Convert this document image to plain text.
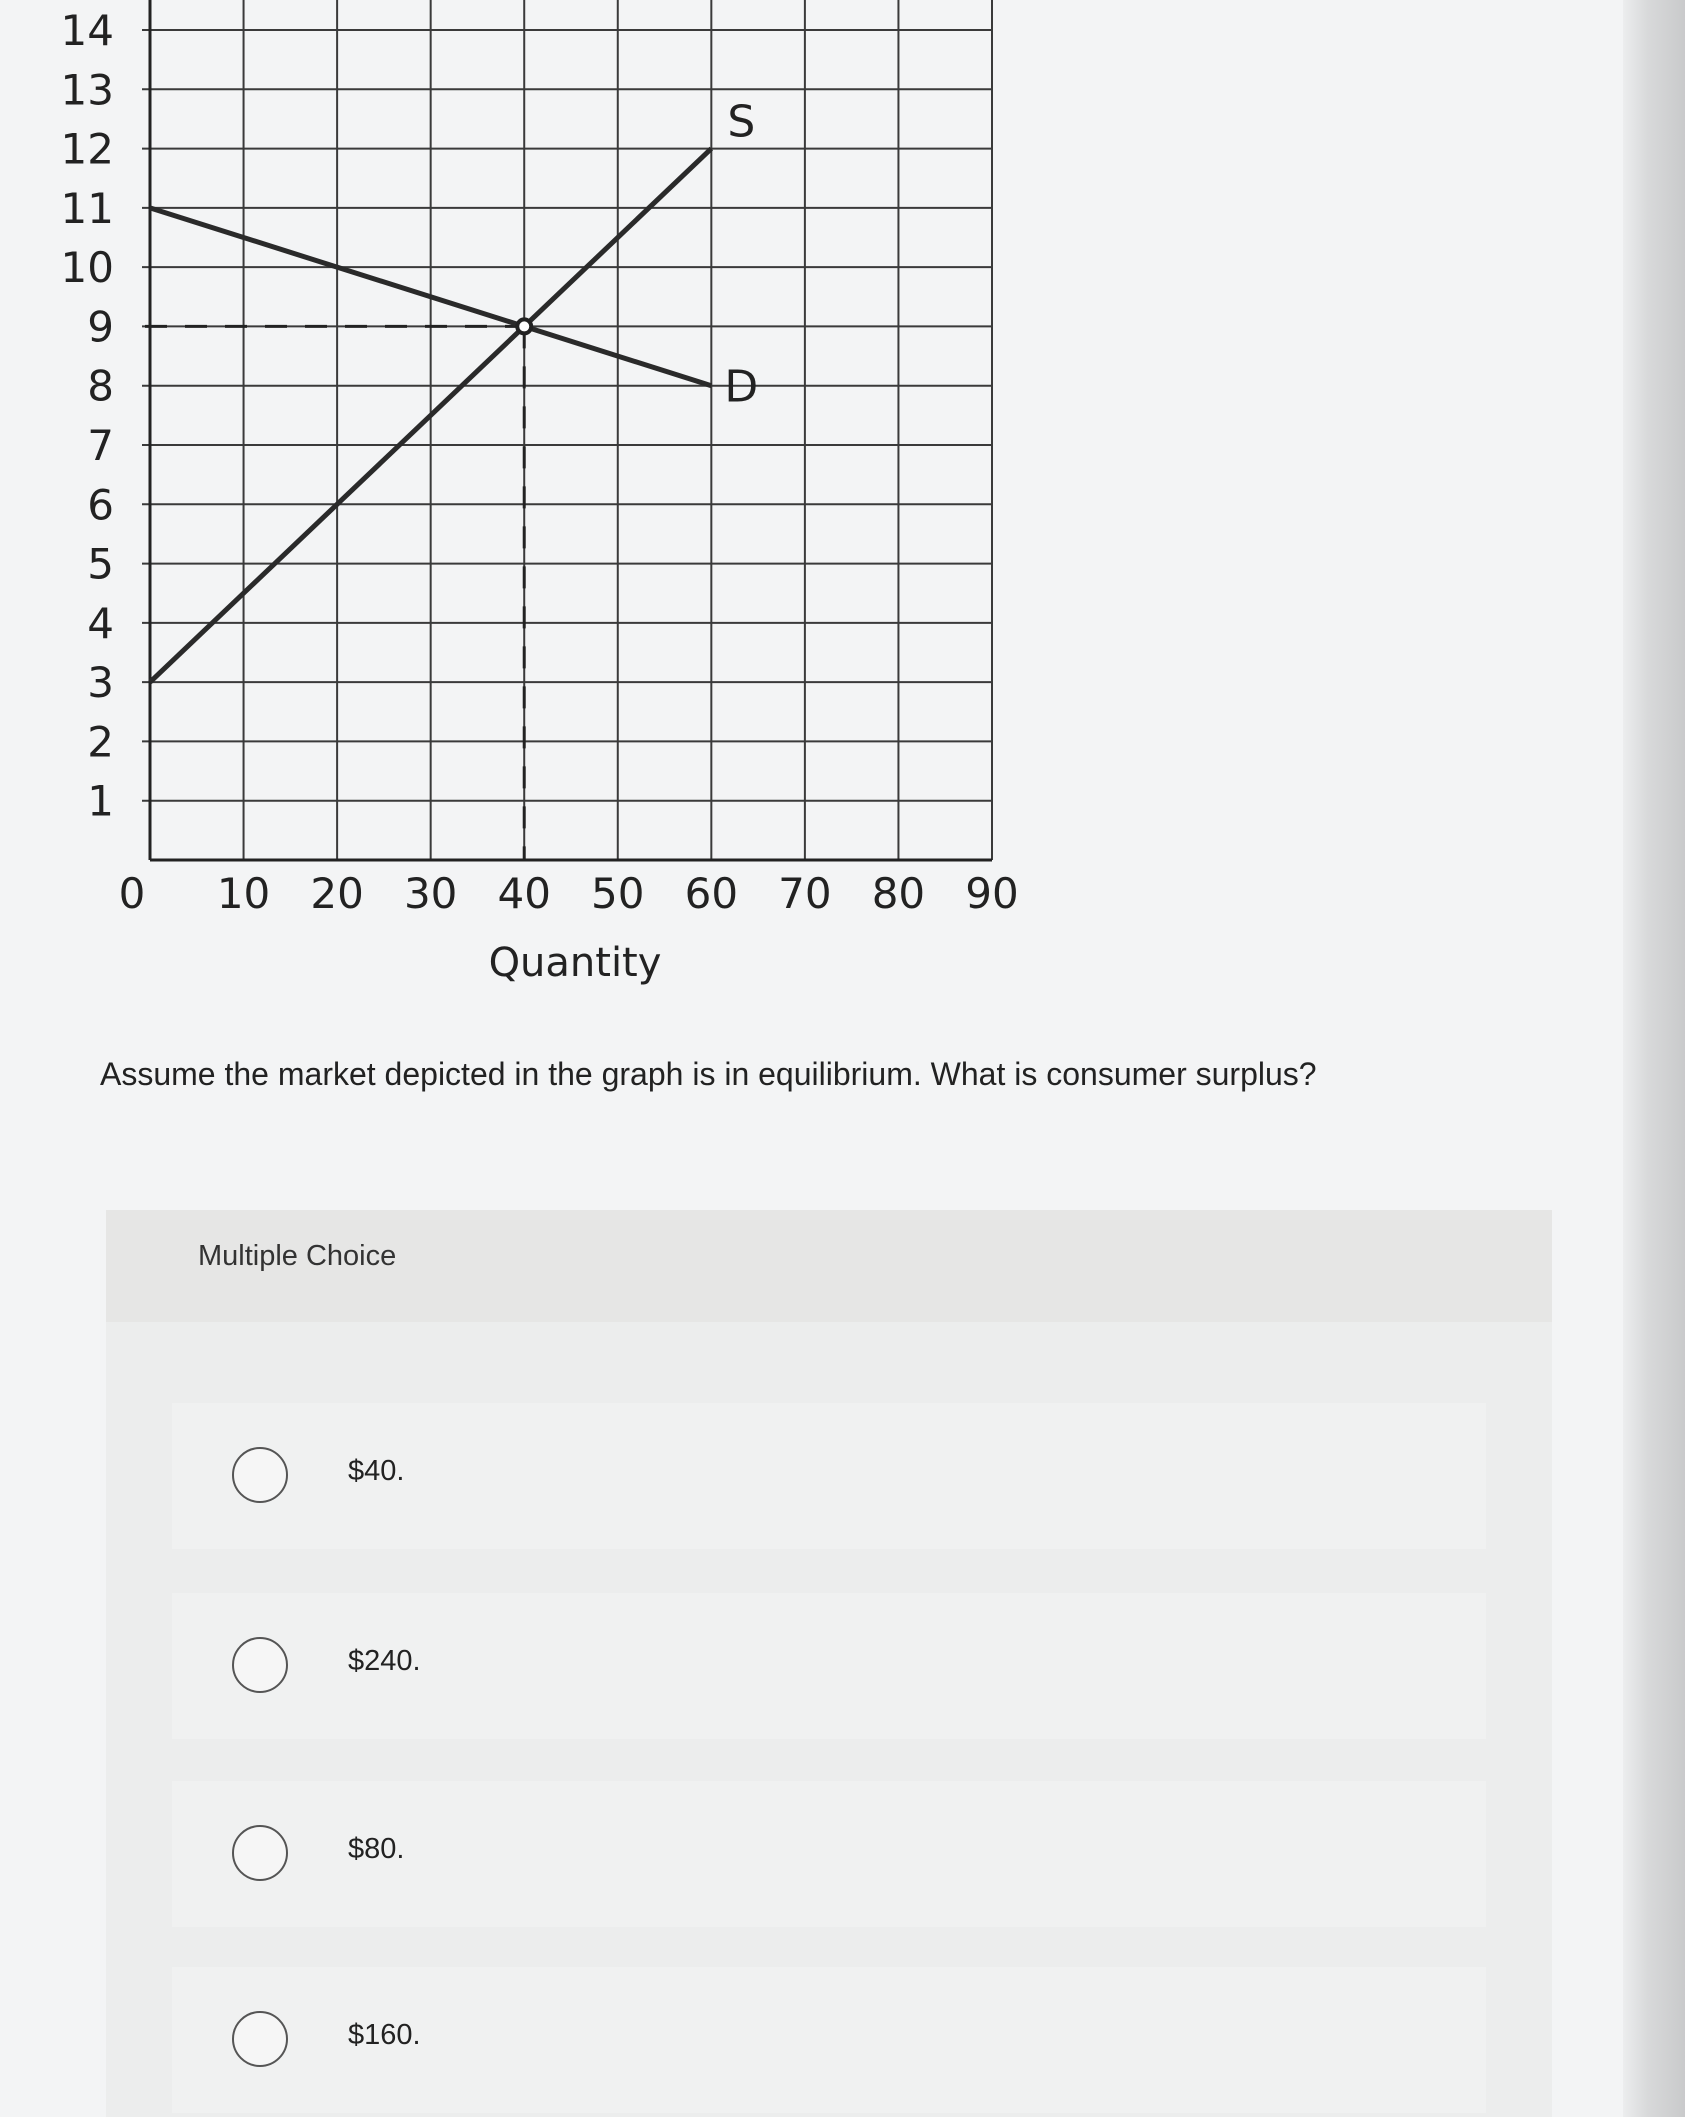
S
D
1
2
3
4
5
6
7
8
9
10
11
12
13
14
0 10 20 30 40 50 60 70 80 90
Quantity
Assume the market depicted in the graph is in equilibrium. What is consumer surplus?
Multiple Choice
$40.
$240.
$80.
$160.
